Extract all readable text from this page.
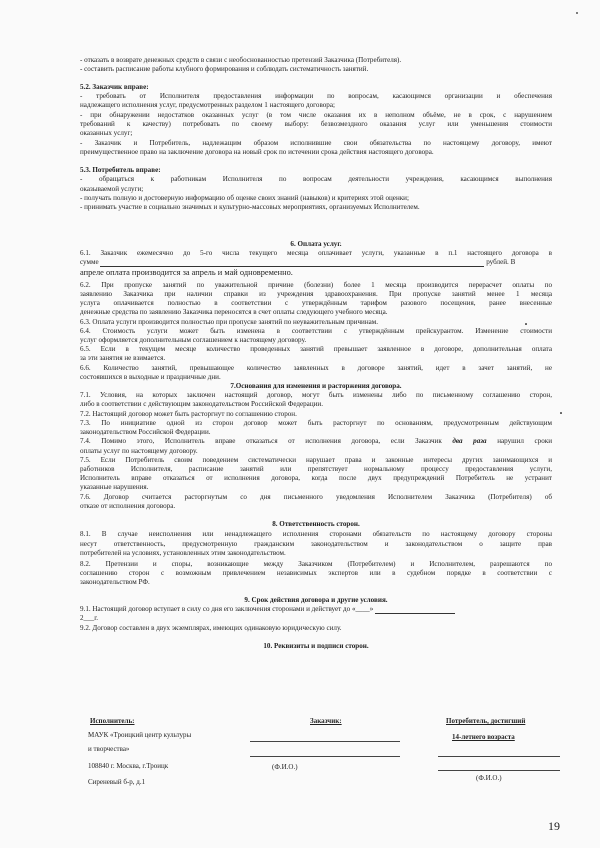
- отказать в возврате денежных средств в связи с необоснованностью претензий Заказчика (Потребителя).
- составить расписание работы клубного формирования и соблюдать систематичность занятий.
5.2. Заказчик вправе:
- требовать от Исполнителя предоставления информации по вопросам, касающимся организации и обеспечения
надлежащего исполнения услуг, предусмотренных разделом 1 настоящего договора;
- при обнаружении недостатков оказанных услуг (в том числе оказания их в неполном объёме, не в срок, с нарушением
требований к качеству) потребовать по своему выбору: безвозмездного оказания услуг или уменьшения стоимости
оказанных услуг;
- Заказчик и Потребитель, надлежащим образом исполнившие свои обязательства по настоящему договору, имеют
преимущественное право на заключение договора на новый срок по истечении срока действия настоящего договора.
5.3. Потребитель вправе:
- обращаться к работникам Исполнителя по вопросам деятельности учреждения, касающимся выполнения
оказываемой услуги;
- получать полную и достоверную информацию об оценке своих знаний (навыков) и критериях этой оценки;
- принимать участие в социально значимых и культурно-массовых мероприятиях, организуемых Исполнителем.
6. Оплата услуг.
6.1. Заказчик ежемесячно до 5-го числа текущего месяца оплачивает услуги, указанные в п.1 настоящего договора в
сумме	рублей. В
апреле оплата производится за апрель и май одновременно.
6.2. При пропуске занятий по уважительной причине (болезни) более 1 месяца производится перерасчет оплаты по
заявлению Заказчика при наличии справки из учреждения здравоохранения. При пропуске занятий менее 1 месяца
услуга оплачивается полностью в соответствии с утверждённым тарифом разового посещения, ранее внесенные
денежные средства по заявлению Заказчика переносятся в счет оплаты следующего учебного месяца.
6.3. Оплата услуги производится полностью при пропуске занятий по неуважительным причинам.
6.4. Стоимость услуги может быть изменена в соответствии с утверждённым прейскурантом. Изменение стоимости
услуг оформляется дополнительным соглашением к настоящему договору.
6.5. Если в текущем месяце количество проведенных занятий превышает заявленное в договоре, дополнительная оплата
за эти занятия не взимается.
6.6. Количество занятий, превышающее количество заявленных в договоре занятий, идет в зачет занятий, не
состоявшихся в выходные и праздничные дни.
7.Основания для изменения и расторжения договора.
7.1. Условия, на которых заключен настоящий договор, могут быть изменены либо по письменному соглашению сторон,
либо в соответствии с действующим законодательством Российской Федерации.
7.2. Настоящий договор может быть расторгнут по соглашению сторон.
7.3. По инициативе одной из сторон договор может быть расторгнут по основаниям, предусмотренным действующим
законодательством Российской Федерации.
7.4. Помимо этого, Исполнитель вправе отказаться от исполнения договора, если Заказчик два раза нарушил сроки
оплаты услуг по настоящему договору.
7.5. Если Потребитель своим поведением систематически нарушает права и законные интересы других занимающихся и
работников Исполнителя, расписание занятий или препятствует нормальному процессу предоставления услуги,
Исполнитель вправе отказаться от исполнения договора, когда после двух предупреждений Потребитель не устранит
указанные нарушения.
7.6. Договор считается расторгнутым со дня письменного уведомления Исполнителем Заказчика (Потребителя) об
отказе от исполнения договора.
8. Ответственность сторон.
8.1. В случае неисполнения или ненадлежащего исполнения сторонами обязательств по настоящему договору стороны
несут ответственность, предусмотренную гражданским законодательством и законодательством о защите прав
потребителей на условиях, установленных этим законодательством.
8.2. Претензии и споры, возникающие между Заказчиком (Потребителем) и Исполнителем, разрешаются по
соглашению сторон с возможным привлечением независимых экспертов или в судебном порядке в соответствии с
законодательством РФ.
9. Срок действия договора и другие условия.
9.1. Настоящий договор вступает в силу со дня его заключения сторонами и действует до «____»
2___г.
9.2. Договор составлен в двух экземплярах, имеющих одинаковую юридическую силу.
10. Реквизиты и подписи сторон.
Исполнитель:
МАУК «Троицкий центр культуры
и творчества»
108840 г. Москва, г.Троицк
Сиреневый б-р, д.1
Заказчик:
(Ф.И.О.)
Потребитель, достигший
14-летнего возраста
(Ф.И.О.)
19
